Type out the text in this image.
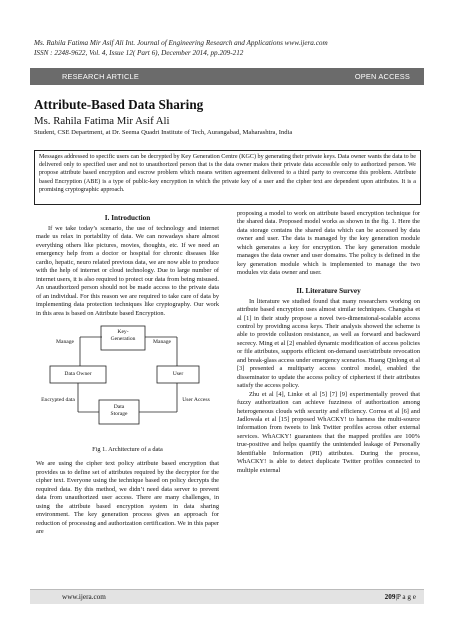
Ms. Rahila Fatima Mir Asif Ali Int. Journal of Engineering Research and Applications www.ijera.com
ISSN : 2248-9622, Vol. 4, Issue 12( Part 6), December 2014, pp.209-212
RESEARCH ARTICLE	OPEN ACCESS
Attribute-Based Data Sharing
Ms. Rahila Fatima Mir Asif Ali
Student, CSE Department, at Dr. Seema Quadri Institute of Tech, Aurangabad, Maharashtra, India

Messages addressed to specific users can be decrypted by Key Generation Centre (KGC) by generating their private keys. Data owner wants the data to be delivered only to specified user and not to unauthorized person that is the data owner makes their private data accessible only to authorized person. We propose attribute based encryption and escrow problem which means written agreement delivered to a third party to overcome this problem. Attribute based Encryption (ABE) is a type of public-key encryption in which the private key of a user and the cipher text are dependent upon attributes. It is a promising cryptographic approach.

I. Introduction

If we take today’s scenario, the use of technology and internet made us relax in portability of data. We can nowadays share almost everything others like pictures, movies, thoughts, etc. If we need an emergency help from a doctor or hospital for chronic diseases like cardio, hepatic, neuro related previous data, we are now able to produce with the help of internet or cloud technology. Due to large number of internet users, it is also required to protect our data from being misused. An unauthorized person should not be made access to the private data of an individual. For this reason we are required to take care of data by implementing data protection techniques like cryptography. Our work in this area is based on Attribute based Encryption.

Key-
Generation
Data Owner	User
Data
Storage
Manage	Manage
Encrypted data	User Access
Fig 1. Architecture of a data

We are using the cipher text policy attribute based encryption that provides us to define set of attributes required by the decryptor for the cipher text. Everyone using the technique based on policy decrypts the required data. By this method, we didn’t need data server to prevent data from unauthorized user access. There are many challenges, in using the attribute based encryption system in data sharing environment. The key generation process gives an approach for reduction of processing and authorization certification. We in this paper are

proposing a model to work on attribute based encryption technique for the shared data. Proposed model works as shown in the fig. 1. Here the data storage contains the shared data which can be accessed by data owner and user. The data is managed by the key generation module which generates a key for encryption. The key generation module manages the data owner and user domains. The policy is defined in the key generation module which is implemented to manage the two modules viz data owner and user.

II. Literature Survey

In literature we studied found that many researchers working on attribute based encryption uses almost similar techniques. Changsha et al [1] in their study propose a novel two-dimensional-scalable access control by providing access keys. Their analysis showed the scheme is able to provide collusion resistance, as well as forward and backward secrecy. Ming et al [2] enabled dynamic modification of access policies or file attributes, supports efficient on-demand user/attribute revocation and break-glass access under emergency scenarios. Huang Qinlong et al [3] presented a multiparty access control model, enabled the disseminator to update the access policy of ciphertext if their attributes satisfy the access policy.

Zhu et al [4], Linke et al [5] [7] [9] experimentally proved that fuzzy authorization can achieve fuzziness of authorization among heterogeneous clouds with security and efficiency. Correa et al [6] and Jadlowala et al [15] proposed WhACKY! to harness the multi-source information from tweets to link Twitter profiles across other external services. WhACKY! guarantees that the mapped profiles are 100% true-positive and helps quantify the unintended leakage of Personally Identifiable Information (PII) attributes. During the process, WhACKY! is able to detect duplicate Twitter profiles connected to multiple external

www.ijera.com	209|P a g e
